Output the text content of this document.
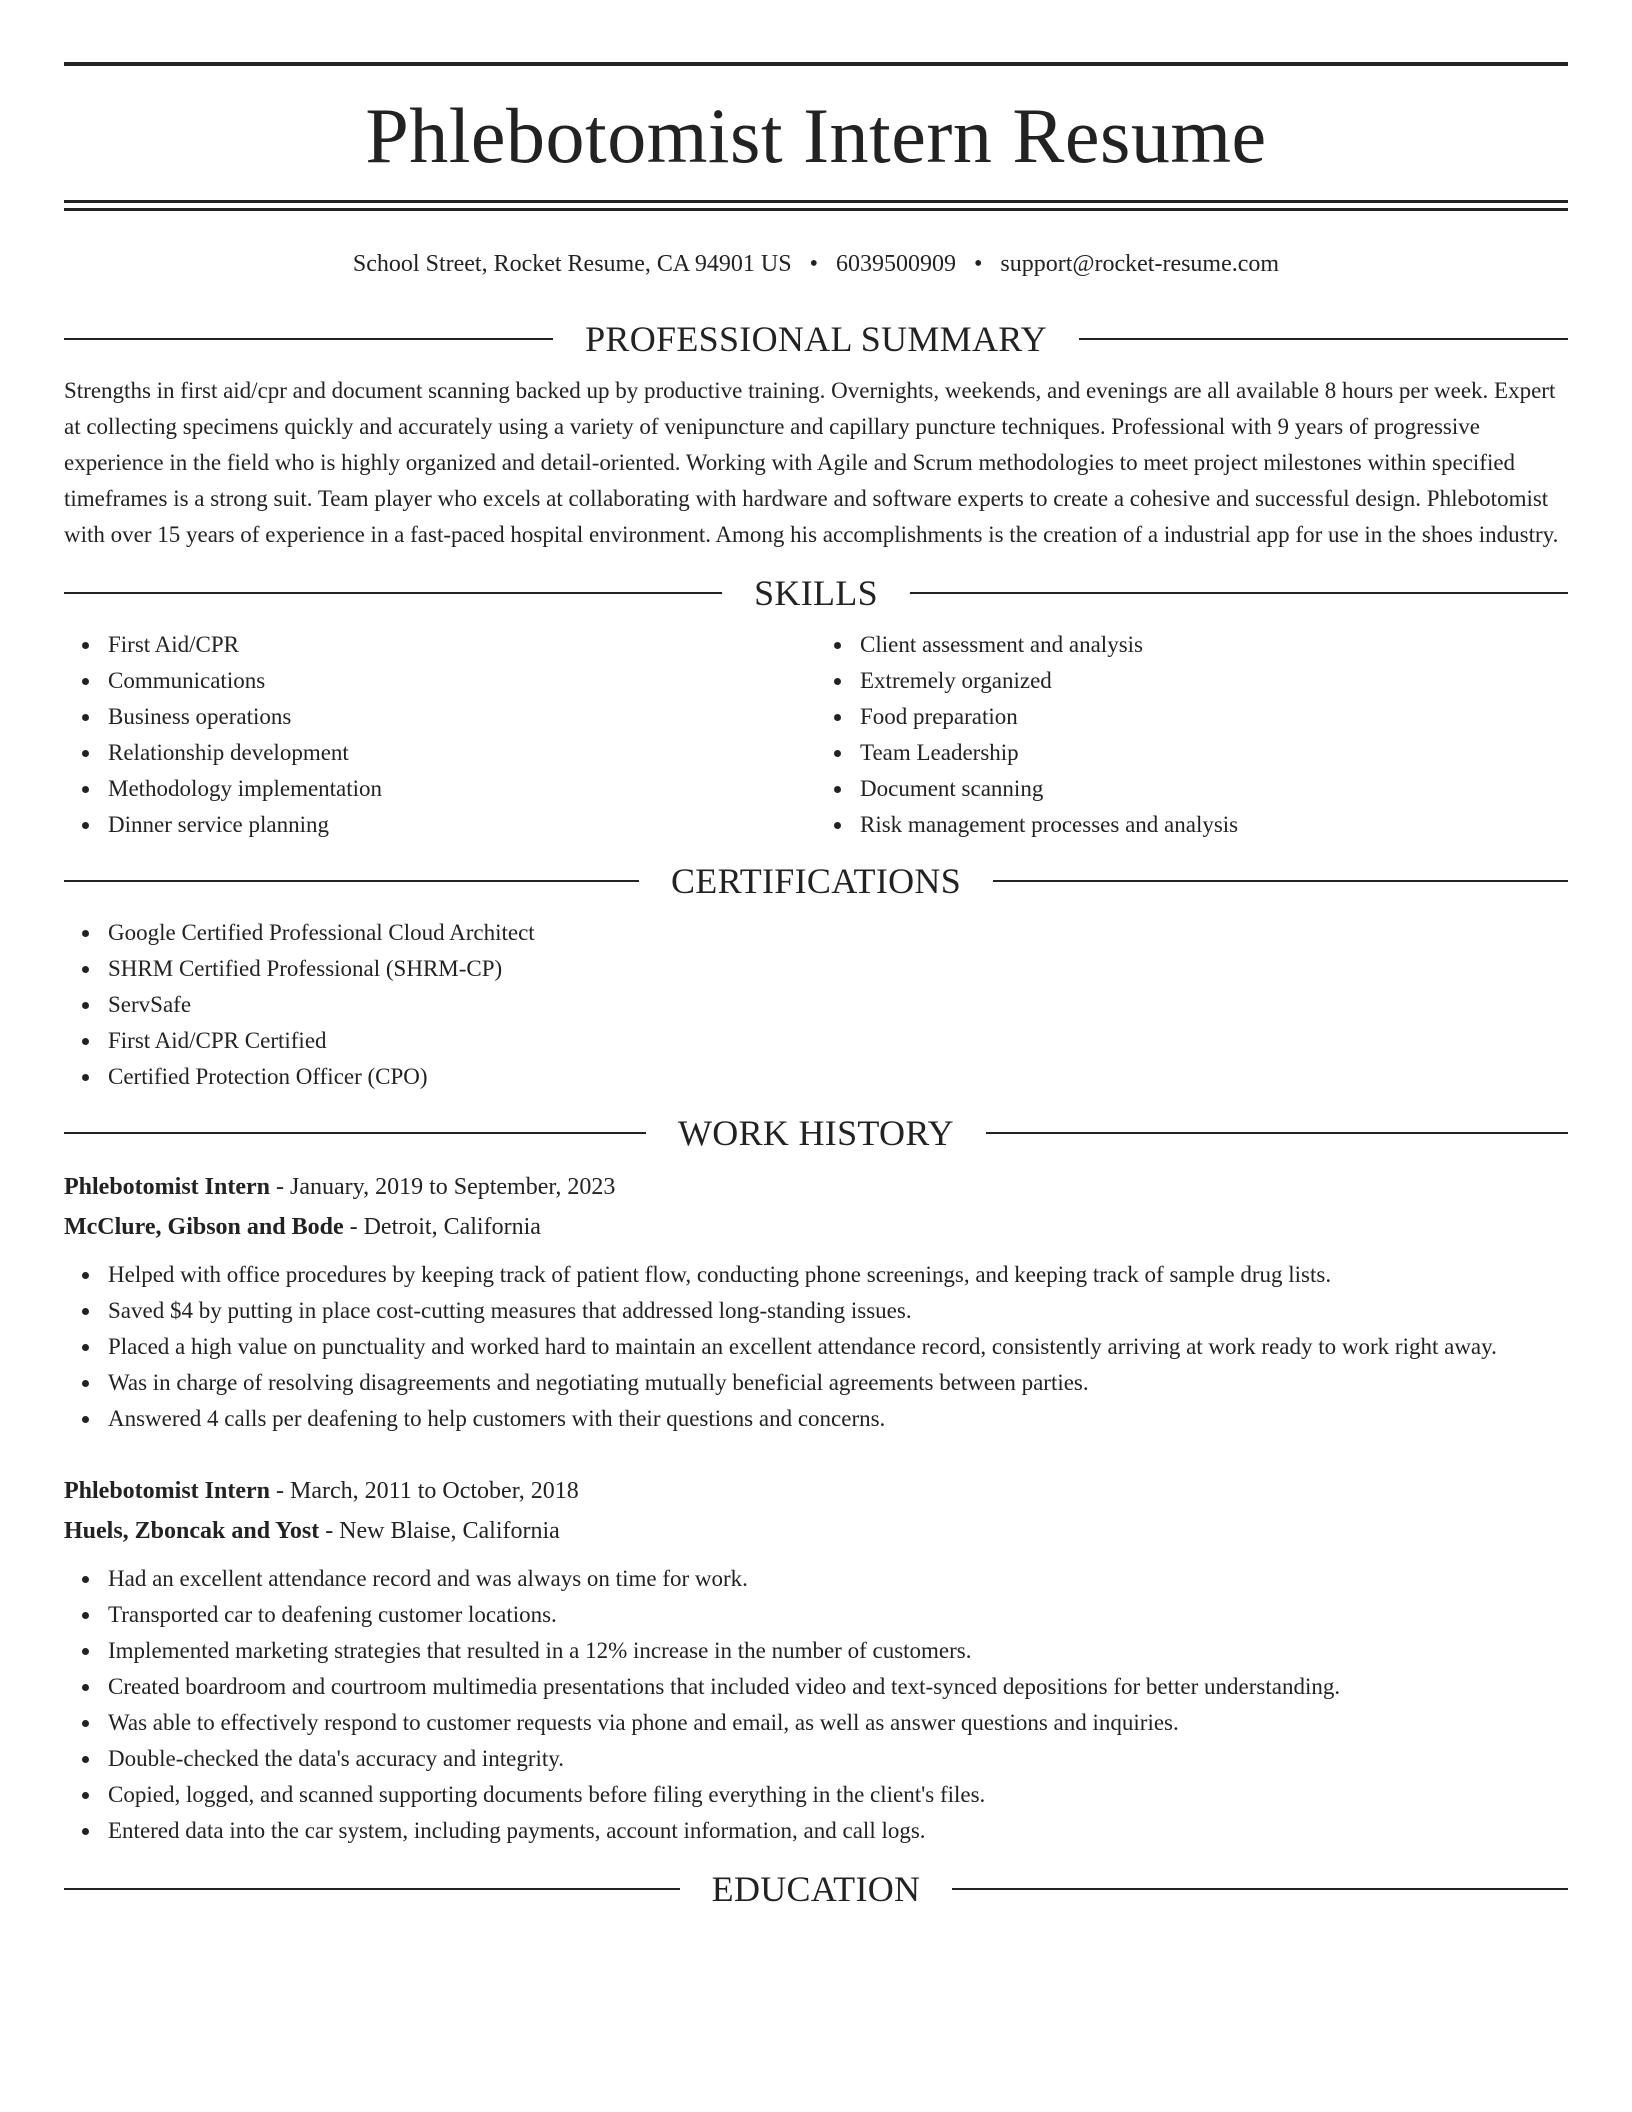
Phlebotomist Intern Resume
School Street, Rocket Resume, CA 94901 US • 6039500909 • support@rocket-resume.com
PROFESSIONAL SUMMARY

Strengths in first aid/cpr and document scanning backed up by productive training. Overnights, weekends, and evenings are all available 8 hours per week. Expert at collecting specimens quickly and accurately using a variety of venipuncture and capillary puncture techniques. Professional with 9 years of progressive experience in the field who is highly organized and detail-oriented. Working with Agile and Scrum methodologies to meet project milestones within specified timeframes is a strong suit. Team player who excels at collaborating with hardware and software experts to create a cohesive and successful design. Phlebotomist with over 15 years of experience in a fast-paced hospital environment. Among his accomplishments is the creation of a industrial app for use in the shoes industry.

SKILLS
First Aid/CPR
Communications
Business operations
Relationship development
Methodology implementation
Dinner service planning
Client assessment and analysis
Extremely organized
Food preparation
Team Leadership
Document scanning
Risk management processes and analysis
CERTIFICATIONS
Google Certified Professional Cloud Architect
SHRM Certified Professional (SHRM-CP)
ServSafe
First Aid/CPR Certified
Certified Protection Officer (CPO)
WORK HISTORY
Phlebotomist Intern - January, 2019 to September, 2023
McClure, Gibson and Bode - Detroit, California
Helped with office procedures by keeping track of patient flow, conducting phone screenings, and keeping track of sample drug lists.
Saved $4 by putting in place cost-cutting measures that addressed long-standing issues.
Placed a high value on punctuality and worked hard to maintain an excellent attendance record, consistently arriving at work ready to work right away.
Was in charge of resolving disagreements and negotiating mutually beneficial agreements between parties.
Answered 4 calls per deafening to help customers with their questions and concerns.
Phlebotomist Intern - March, 2011 to October, 2018
Huels, Zboncak and Yost - New Blaise, California
Had an excellent attendance record and was always on time for work.
Transported car to deafening customer locations.
Implemented marketing strategies that resulted in a 12% increase in the number of customers.
Created boardroom and courtroom multimedia presentations that included video and text-synced depositions for better understanding.
Was able to effectively respond to customer requests via phone and email, as well as answer questions and inquiries.
Double-checked the data's accuracy and integrity.
Copied, logged, and scanned supporting documents before filing everything in the client's files.
Entered data into the car system, including payments, account information, and call logs.
EDUCATION
